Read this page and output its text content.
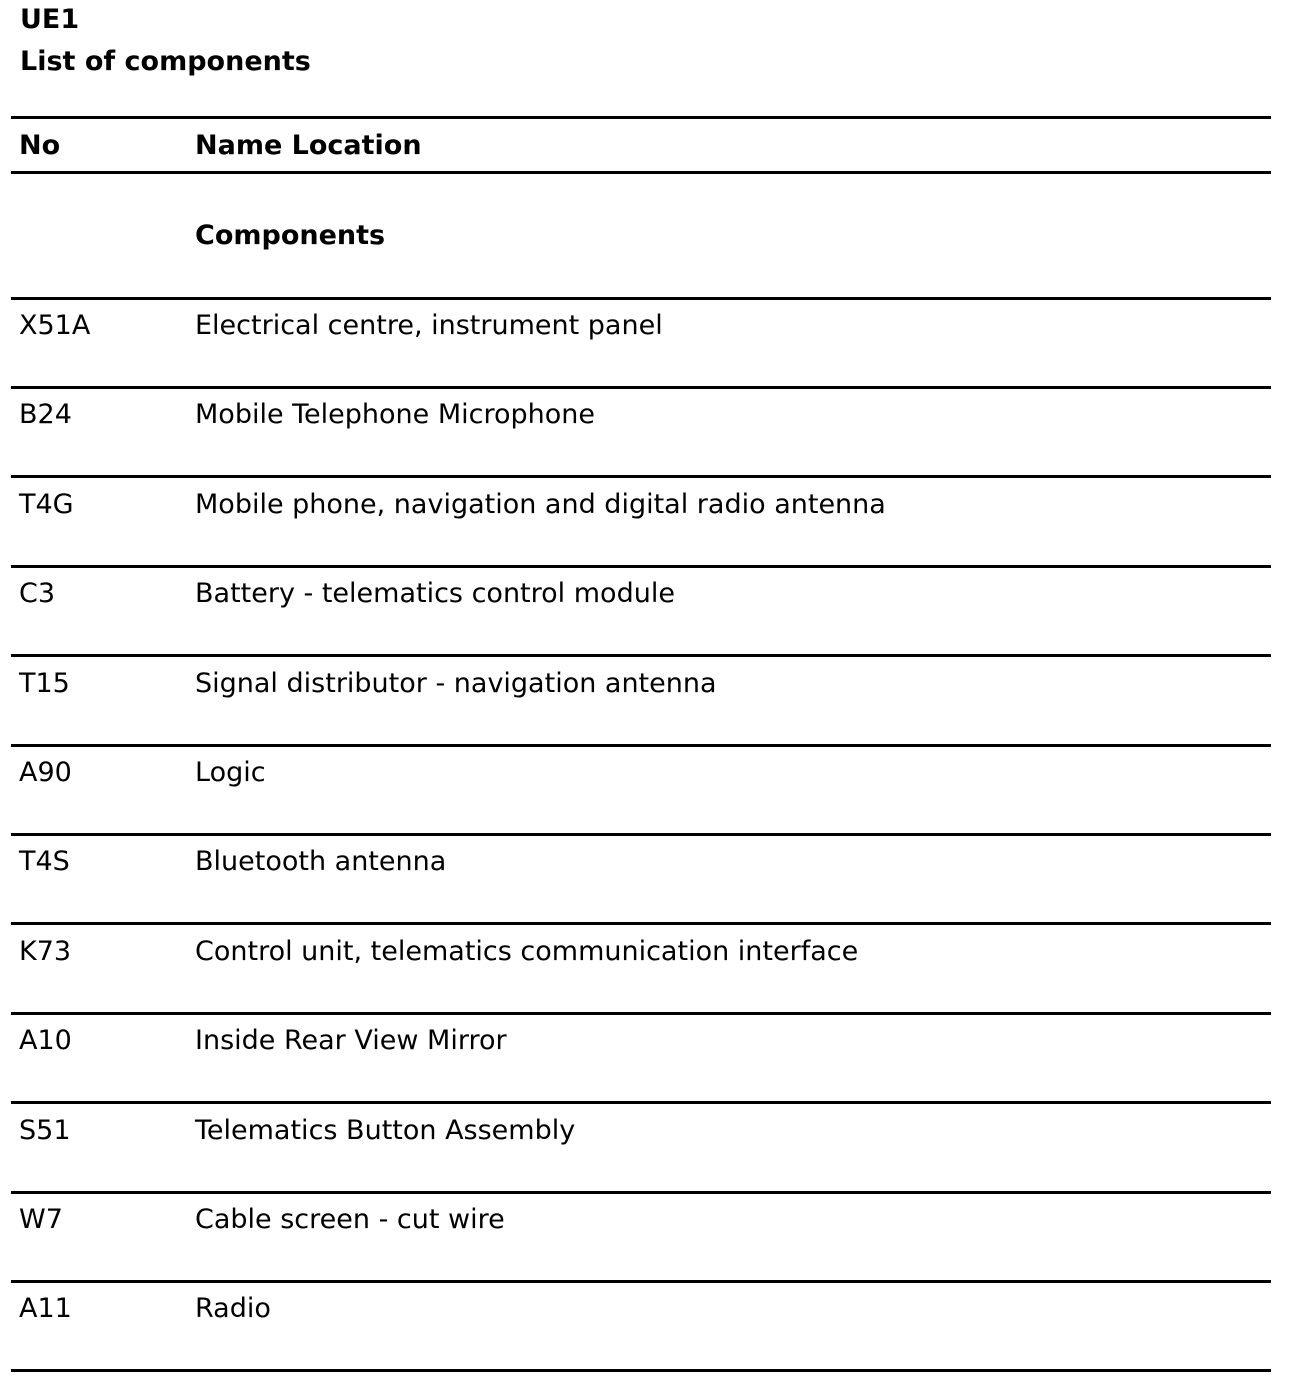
UE1
List of components
No	Name Location
Components
X51A	Electrical centre, instrument panel
B24	Mobile Telephone Microphone
T4G	Mobile phone, navigation and digital radio antenna
C3	Battery - telematics control module
T15	Signal distributor - navigation antenna
A90	Logic
T4S	Bluetooth antenna
K73	Control unit, telematics communication interface
A10	Inside Rear View Mirror
S51	Telematics Button Assembly
W7	Cable screen - cut wire
A11	Radio
